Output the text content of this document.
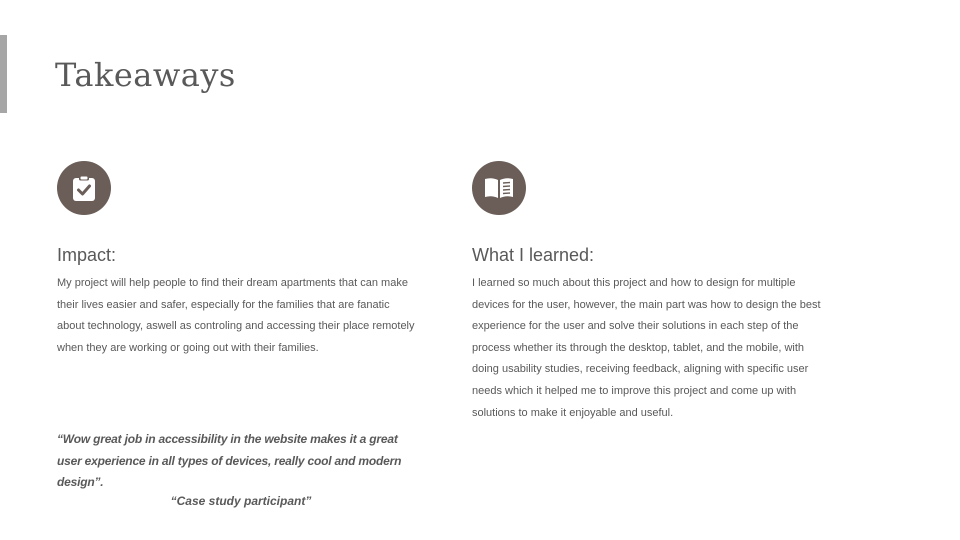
Takeaways
Impact:

My project will help people to find their dream apartments that can make their lives easier and safer, especially for the families that are fanatic about technology, aswell as controling and accessing their place remotely when they are working or going out with their families.

“Wow great job in accessibility in the website makes it a great user experience in all types of devices, really cool and modern design”.

“Case study participant”

What I learned:

I learned so much about this project and how to design for multiple devices for the user, however, the main part was how to design the best experience for the user and solve their solutions in each step of the process whether its through the desktop, tablet, and the mobile, with doing usability studies, receiving feedback, aligning with specific user needs which it helped me to improve this project and come up with solutions to make it enjoyable and useful.
